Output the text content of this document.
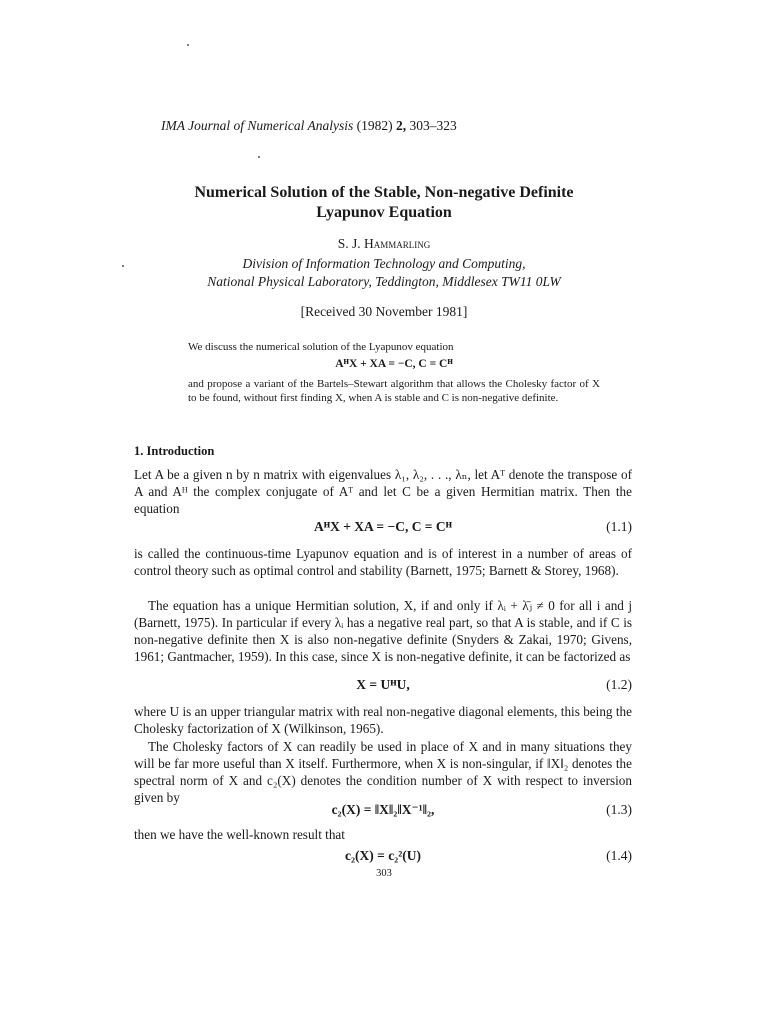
IMA Journal of Numerical Analysis (1982) 2, 303–323
Numerical Solution of the Stable, Non-negative Definite
Lyapunov Equation
S. J. Hammarling
Division of Information Technology and Computing,
National Physical Laboratory, Teddington, Middlesex TW11 0LW
[Received 30 November 1981]
We discuss the numerical solution of the Lyapunov equation
AᴴX + XA = −C, C = Cᴴ
and propose a variant of the Bartels–Stewart algorithm that allows the Cholesky factor of X to be found, without first finding X, when A is stable and C is non-negative definite.
1. Introduction

Let A be a given n by n matrix with eigenvalues λ₁, λ₂, . . ., λₙ, let Aᵀ denote the transpose of A and Aᴴ the complex conjugate of Aᵀ and let C be a given Hermitian matrix. Then the equation

AᴴX + XA = −C, C = Cᴴ	(1.1)

is called the continuous-time Lyapunov equation and is of interest in a number of areas of control theory such as optimal control and stability (Barnett, 1975; Barnett & Storey, 1968).

The equation has a unique Hermitian solution, X, if and only if λᵢ + λ̄ⱼ ≠ 0 for all i and j (Barnett, 1975). In particular if every λᵢ has a negative real part, so that A is stable, and if C is non-negative definite then X is also non-negative definite (Snyders & Zakai, 1970; Givens, 1961; Gantmacher, 1959). In this case, since X is non-negative definite, it can be factorized as

X = UᴴU,	(1.2)

where U is an upper triangular matrix with real non-negative diagonal elements, this being the Cholesky factorization of X (Wilkinson, 1965).

The Cholesky factors of X can readily be used in place of X and in many situations they will be far more useful than X itself. Furthermore, when X is non-singular, if ‖X‖₂ denotes the spectral norm of X and c₂(X) denotes the condition number of X with respect to inversion given by

c₂(X) = ‖X‖₂‖X⁻¹‖₂,	(1.3)

then we have the well-known result that

c₂(X) = c₂²(U)	(1.4)
303
